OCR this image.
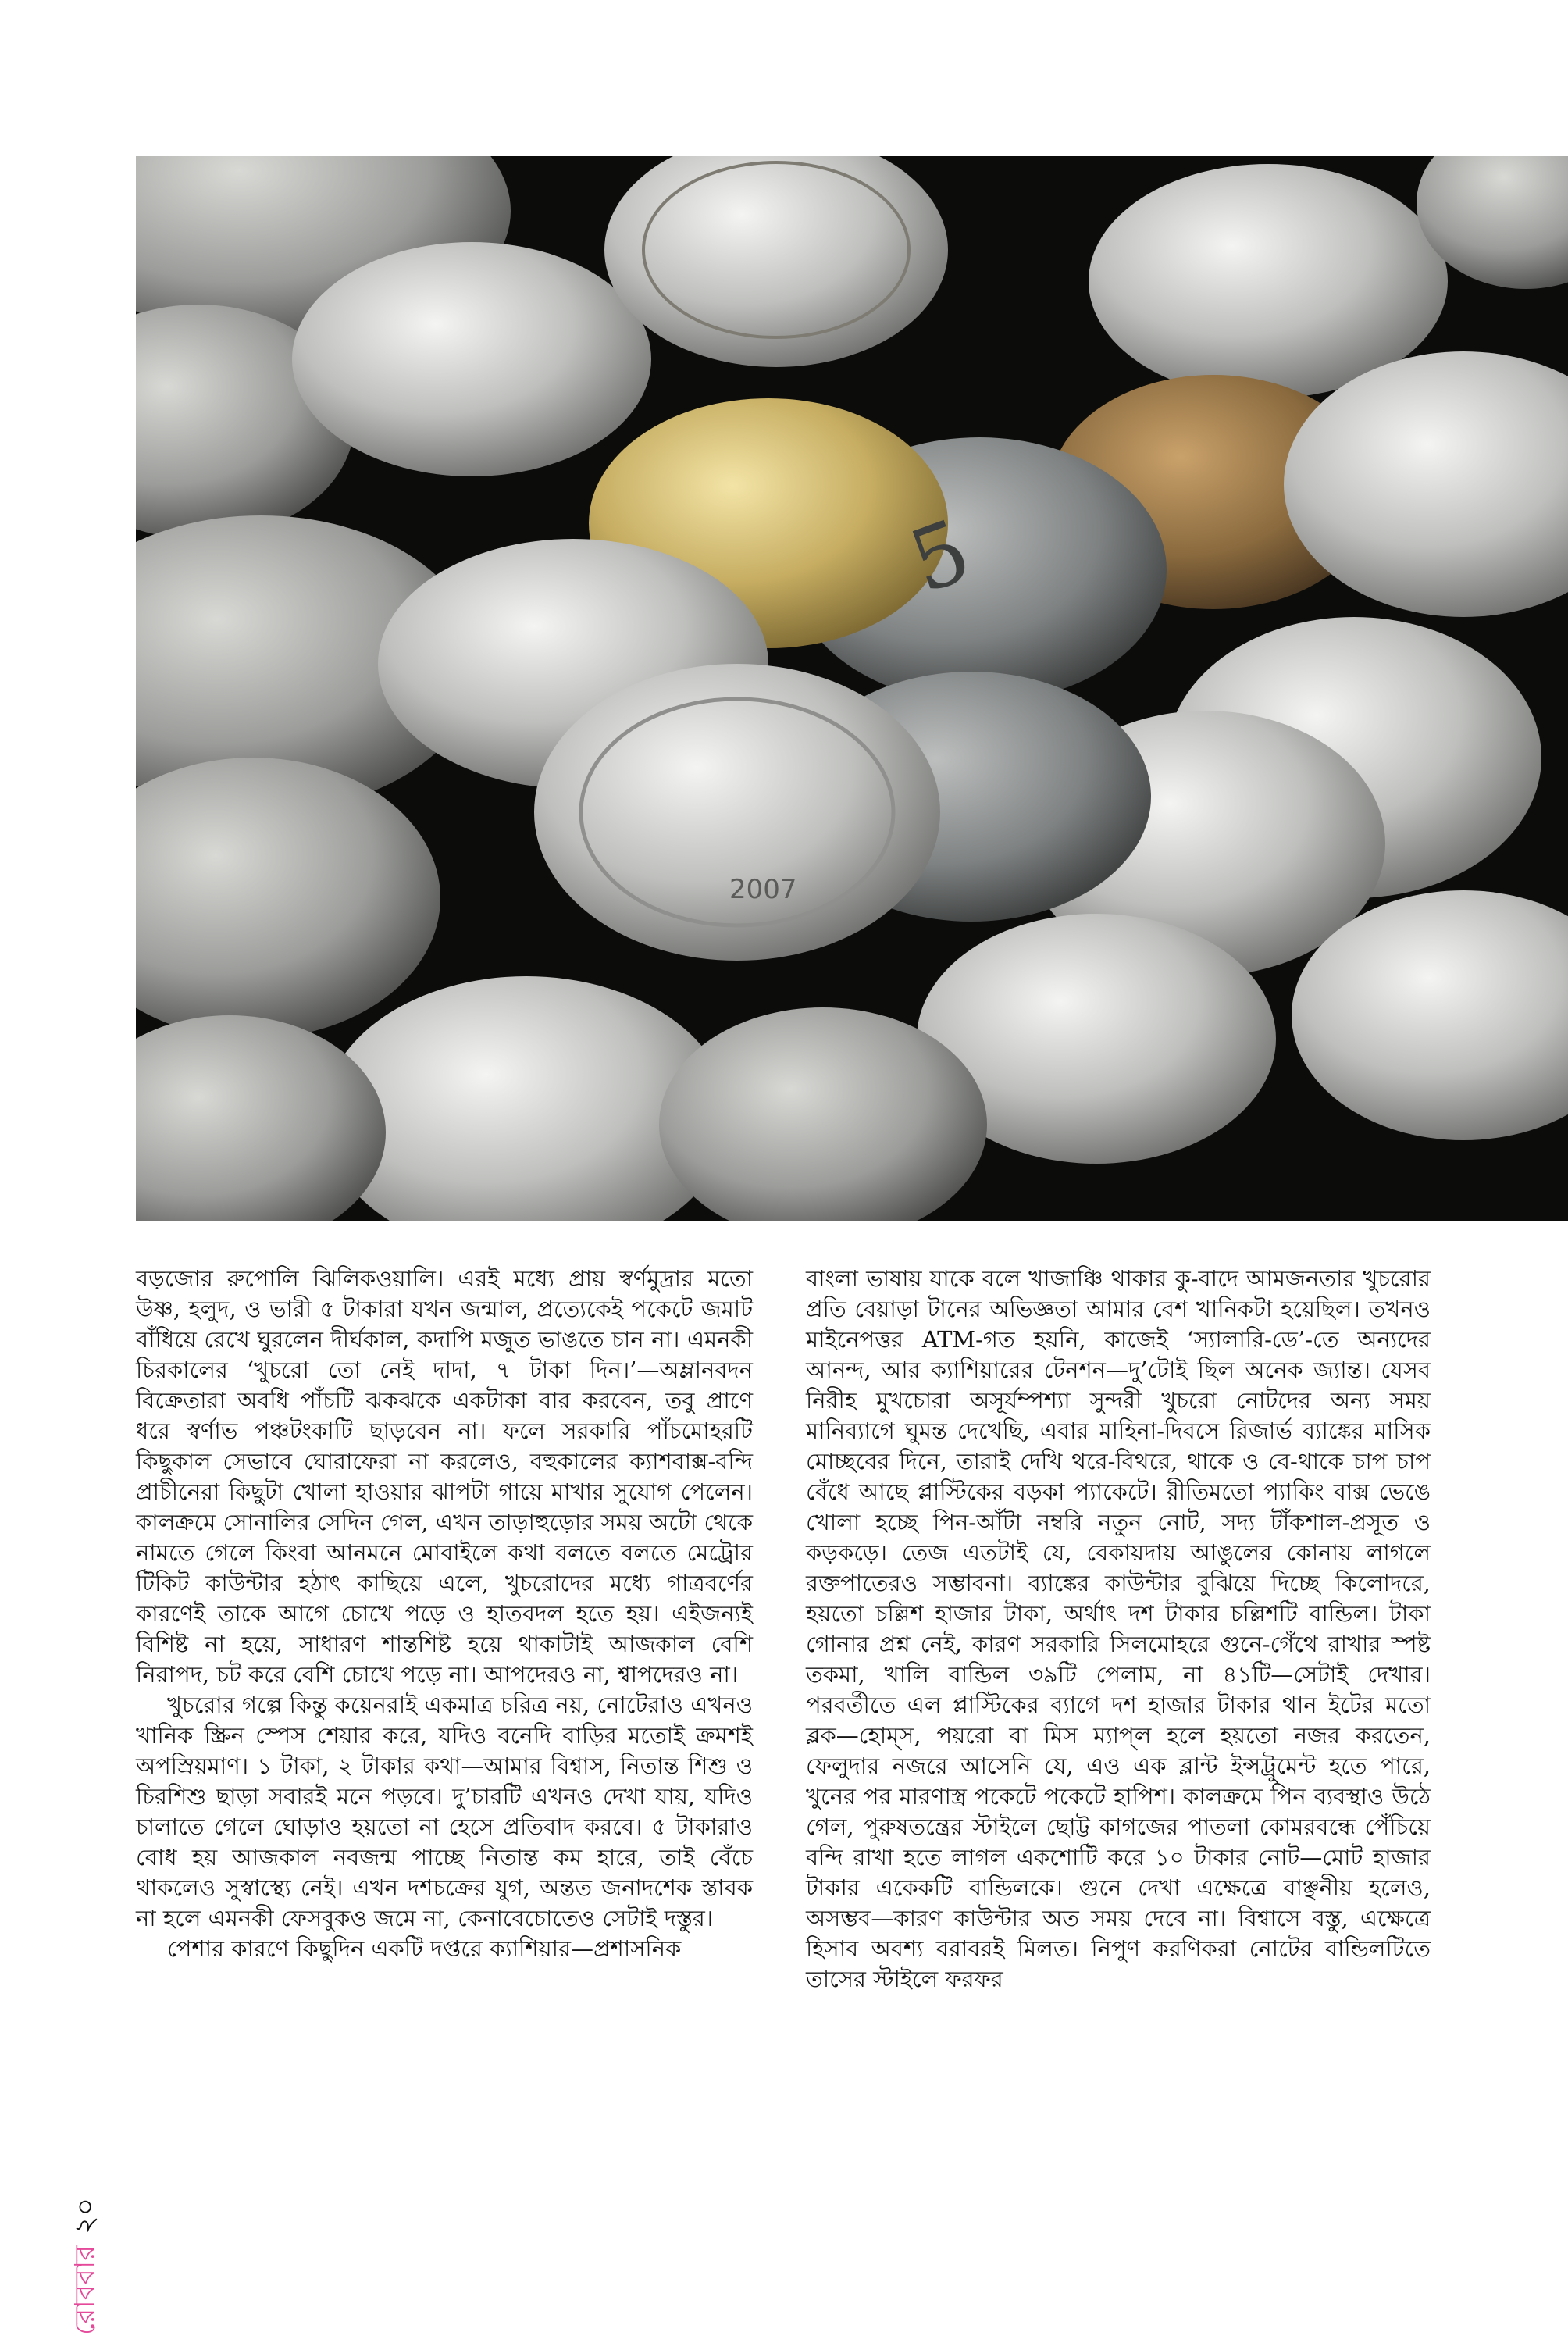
2007
5

বড়জোর রুপোলি ঝিলিকওয়ালি। এরই মধ্যে প্রায় স্বর্ণমুদ্রার মতো উষ্ণ, হলুদ, ও ভারী ৫ টাকারা যখন জন্মাল, প্রত্যেকেই পকেটে জমাট বাঁধিয়ে রেখে ঘুরলেন দীর্ঘকাল, কদাপি মজুত ভাঙতে চান না। এমনকী চিরকালের ‘খুচরো তো নেই দাদা, ৭ টাকা দিন।’—অম্লানবদন বিক্রেতারা অবধি পাঁচটি ঝকঝকে একটাকা বার করবেন, তবু প্রাণে ধরে স্বর্ণাভ পঞ্চটংকাটি ছাড়বেন না। ফলে সরকারি পাঁচমোহরটি কিছুকাল সেভাবে ঘোরাফেরা না করলেও, বহুকালের ক্যাশবাক্স-বন্দি প্রাচীনেরা কিছুটা খোলা হাওয়ার ঝাপটা গায়ে মাখার সুযোগ পেলেন। কালক্রমে সোনালির সেদিন গেল, এখন তাড়াহুড়োর সময় অটো থেকে নামতে গেলে কিংবা আনমনে মোবাইলে কথা বলতে বলতে মেট্রোর টিকিট কাউন্টার হঠাৎ কাছিয়ে এলে, খুচরোদের মধ্যে গাত্রবর্ণের কারণেই তাকে আগে চোখে পড়ে ও হাতবদল হতে হয়। এইজন্যই বিশিষ্ট না হয়ে, সাধারণ শান্তশিষ্ট হয়ে থাকাটাই আজকাল বেশি নিরাপদ, চট করে বেশি চোখে পড়ে না। আপদেরও না, শ্বাপদেরও না।

খুচরোর গল্পে কিন্তু কয়েনরাই একমাত্র চরিত্র নয়, নোটেরাও এখনও খানিক স্ক্রিন স্পেস শেয়ার করে, যদিও বনেদি বাড়ির মতোই ক্রমশই অপস্রিয়মাণ। ১ টাকা, ২ টাকার কথা—আমার বিশ্বাস, নিতান্ত শিশু ও চিরশিশু ছাড়া সবারই মনে পড়বে। দু’চারটি এখনও দেখা যায়, যদিও চালাতে গেলে ঘোড়াও হয়তো না হেসে প্রতিবাদ করবে। ৫ টাকারাও বোধ হয় আজকাল নবজন্ম পাচ্ছে নিতান্ত কম হারে, তাই বেঁচে থাকলেও সুস্বাস্থ্যে নেই। এখন দশচক্রের যুগ, অন্তত জনাদশেক স্তাবক না হলে এমনকী ফেসবুকও জমে না, কেনাবেচোতেও সেটাই দস্তুর।

পেশার কারণে কিছুদিন একটি দপ্তরে ক্যাশিয়ার—প্রশাসনিক

বাংলা ভাষায় যাকে বলে খাজাঞ্চি থাকার কু-বাদে আমজনতার খুচরোর প্রতি বেয়াড়া টানের অভিজ্ঞতা আমার বেশ খানিকটা হয়েছিল। তখনও মাইনেপত্তর ATM-গত হয়নি, কাজেই ‘স্যালারি-ডে’-তে অন্যদের আনন্দ, আর ক্যাশিয়ারের টেনশন—দু’টোই ছিল অনেক জ্যান্ত। যেসব নিরীহ মুখচোরা অসূর্যম্পশ্যা সুন্দরী খুচরো নোটদের অন্য সময় মানিব্যাগে ঘুমন্ত দেখেছি, এবার মাহিনা-দিবসে রিজার্ভ ব্যাঙ্কের মাসিক মোচ্ছবের দিনে, তারাই দেখি থরে-বিথরে, থাকে ও বে-থাকে চাপ চাপ বেঁধে আছে প্লাস্টিকের বড়কা প্যাকেটে। রীতিমতো প্যাকিং বাক্স ভেঙে খোলা হচ্ছে পিন-আঁটা নম্বরি নতুন নোট, সদ্য টাঁকশাল-প্রসূত ও কড়কড়ে। তেজ এতটাই যে, বেকায়দায় আঙুলের কোনায় লাগলে রক্তপাতেরও সম্ভাবনা। ব্যাঙ্কের কাউন্টার বুঝিয়ে দিচ্ছে কিলোদরে, হয়তো চল্লিশ হাজার টাকা, অর্থাৎ দশ টাকার চল্লিশটি বান্ডিল। টাকা গোনার প্রশ্ন নেই, কারণ সরকারি সিলমোহরে গুনে-গেঁথে রাখার স্পষ্ট তকমা, খালি বান্ডিল ৩৯টি পেলাম, না ৪১টি—সেটাই দেখার। পরবর্তীতে এল প্লাস্টিকের ব্যাগে দশ হাজার টাকার থান ইটের মতো ব্লক—হোম্‌স, পয়রো বা মিস ম্যাপ্‌ল হলে হয়তো নজর করতেন, ফেলুদার নজরে আসেনি যে, এও এক ব্লান্ট ইন্সট্রুমেন্ট হতে পারে, খুনের পর মারণাস্ত্র পকেটে পকেটে হাপিশ। কালক্রমে পিন ব্যবস্থাও উঠে গেল, পুরুষতন্ত্রের স্টাইলে ছোট্ট কাগজের পাতলা কোমরবন্ধে পেঁচিয়ে বন্দি রাখা হতে লাগল একশোটি করে ১০ টাকার নোট—মোট হাজার টাকার একেকটি বান্ডিলকে। গুনে দেখা এক্ষেত্রে বাঞ্ছনীয় হলেও, অসম্ভব—কারণ কাউন্টার অত সময় দেবে না। বিশ্বাসে বস্তু, এক্ষেত্রে হিসাব অবশ্য বরাবরই মিলত। নিপুণ করণিকরা নোটের বান্ডিলটিতে তাসের স্টাইলে ফরফর

রোববার২০
